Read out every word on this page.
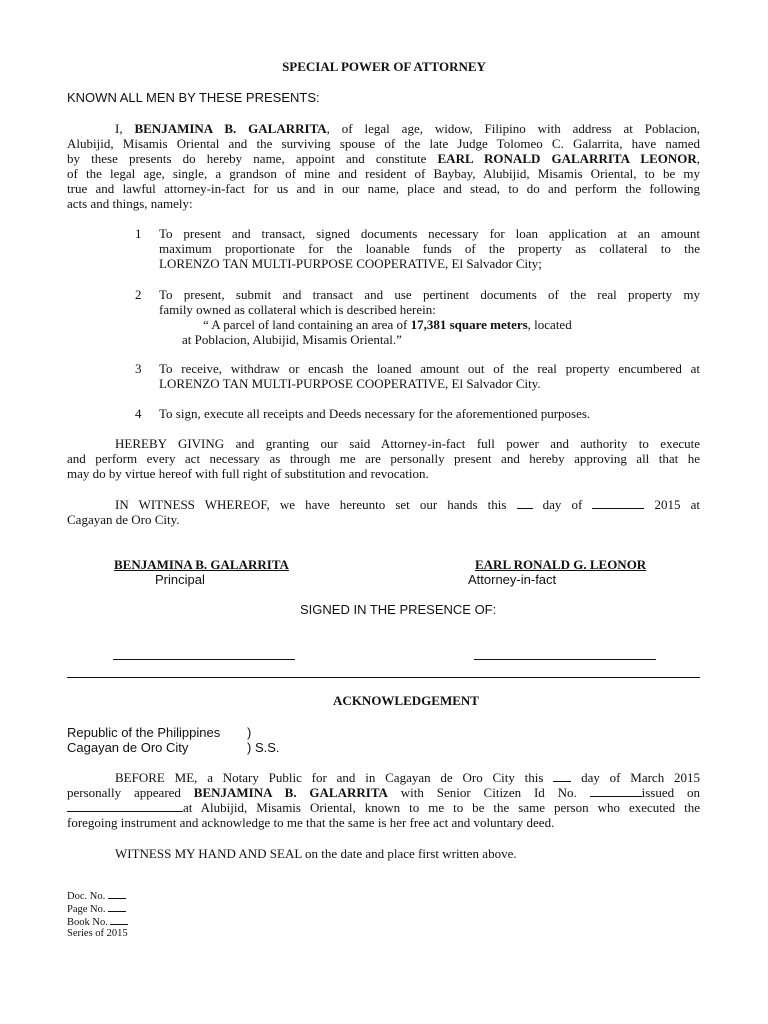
SPECIAL POWER OF ATTORNEY
KNOWN ALL MEN BY THESE PRESENTS:
I, BENJAMINA B. GALARRITA, of legal age, widow, Filipino with address at Poblacion,
Alubijid, Misamis Oriental and the surviving spouse of the late Judge Tolomeo C. Galarrita, have named
by these presents do hereby name, appoint and constitute EARL RONALD GALARRITA LEONOR,
of the legal age, single, a grandson of mine and resident of Baybay, Alubijid, Misamis Oriental, to be my
true and lawful attorney-in-fact for us and in our name, place and stead, to do and perform the following
acts and things, namely:
1 To present and transact, signed documents necessary for loan application at an amount
maximum proportionate for the loanable funds of the property as collateral to the
LORENZO TAN MULTI-PURPOSE COOPERATIVE, El Salvador City;
2 To present, submit and transact and use pertinent documents of the real property my
family owned as collateral which is described herein:
“ A parcel of land containing an area of 17,381 square meters, located
at Poblacion, Alubijid, Misamis Oriental.”
3 To receive, withdraw or encash the loaned amount out of the real property encumbered at
LORENZO TAN MULTI-PURPOSE COOPERATIVE, El Salvador City.
4 To sign, execute all receipts and Deeds necessary for the aforementioned purposes.
HEREBY GIVING and granting our said Attorney-in-fact full power and authority to execute
and perform every act necessary as through me are personally present and hereby approving all that he
may do by virtue hereof with full right of substitution and revocation.
IN WITNESS WHEREOF, we have hereunto set our hands this  day of	2015 at
Cagayan de Oro City.
BENJAMINA B. GALARRITA
Principal
EARL RONALD G. LEONOR
Attorney-in-fact
SIGNED IN THE PRESENCE OF:
ACKNOWLEDGEMENT
Republic of the Philippines )
Cagayan de Oro City	) S.S.
BEFORE ME, a Notary Public for and in Cagayan de Oro City this  day of March 2015
personally appeared BENJAMINA B. GALARRITA with Senior Citizen Id No.	issued on
at Alubijid, Misamis Oriental, known to me to be the same person who executed the
foregoing instrument and acknowledge to me that the same is her free act and voluntary deed.
WITNESS MY HAND AND SEAL on the date and place first written above.
Doc. No.
Page No.
Book No.
Series of 2015
